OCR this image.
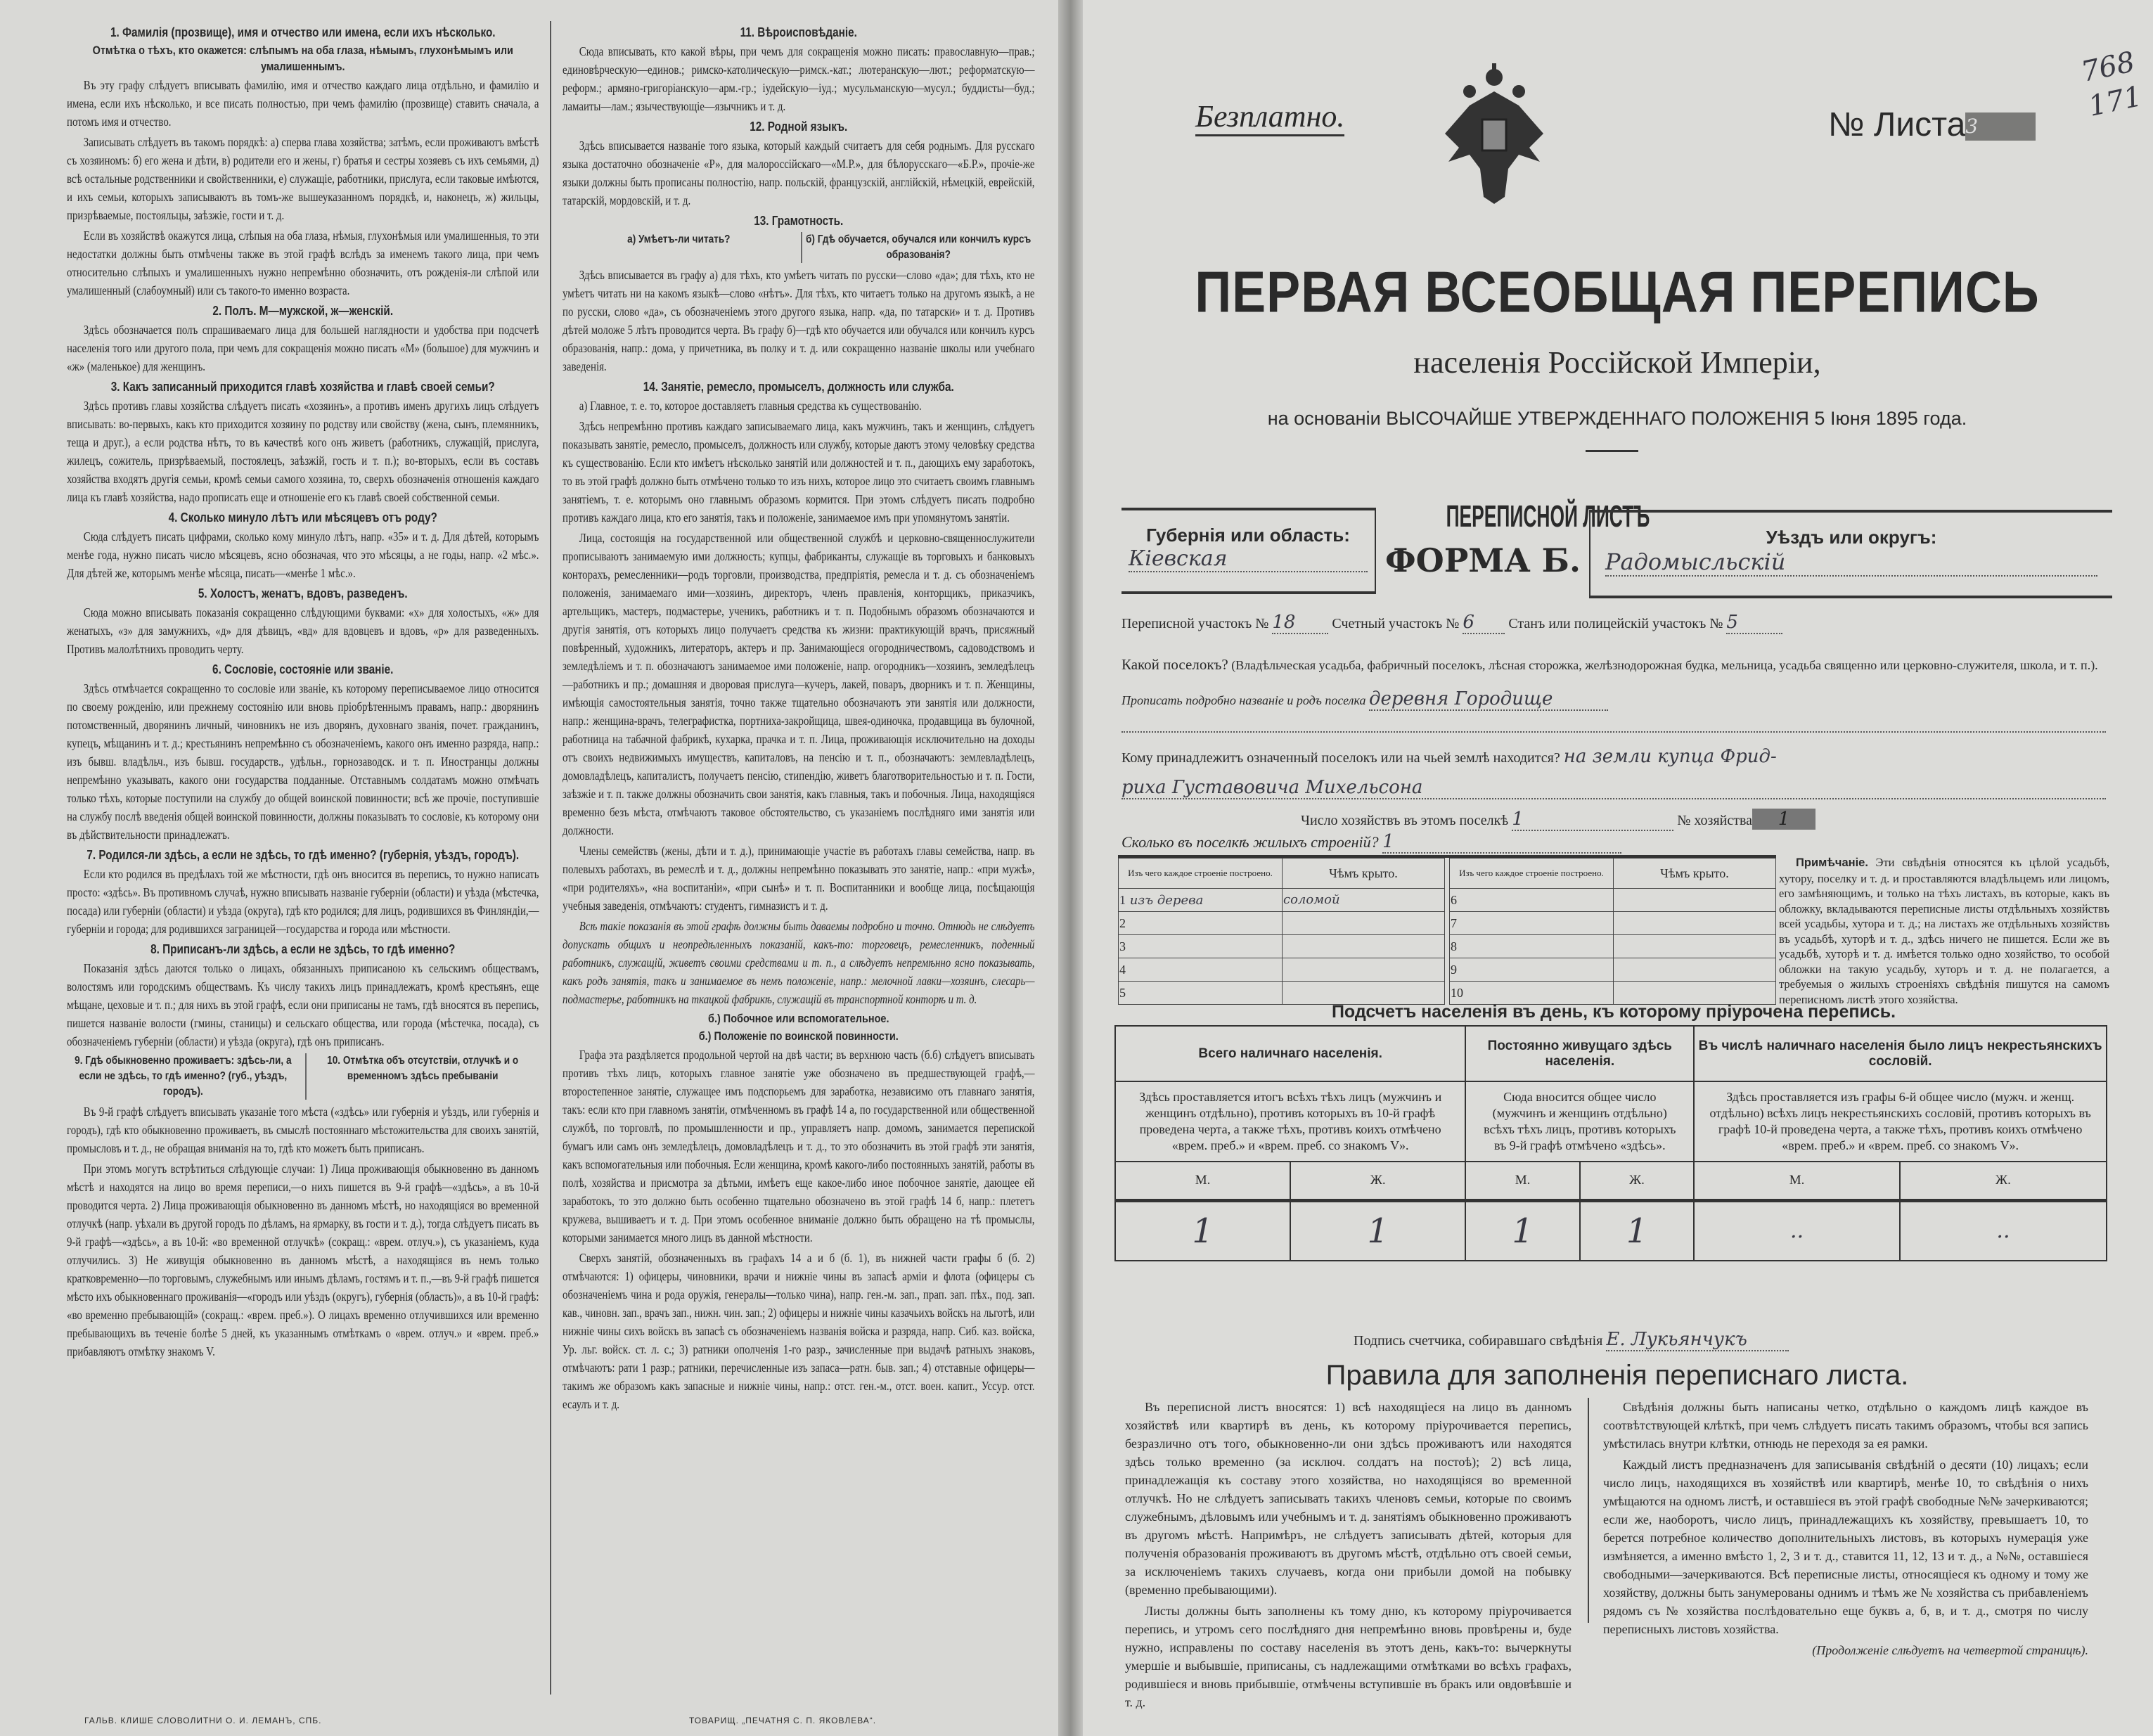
1. Фамилія (прозвище), имя и отчество или имена, если ихъ нѣсколько.
Отмѣтка о тѣхъ, кто окажется: слѣпымъ на оба глаза, нѣмымъ, глухонѣмымъ или умалишеннымъ.

Въ эту графу слѣдуетъ вписывать фамилію, имя и отчество каждаго лица отдѣльно, и фамилію и имена, если ихъ нѣсколько, и все писать полностью, при чемъ фамилію (прозвище) ставить сначала, а потомъ имя и отчество.

Записывать слѣдуетъ въ такомъ порядкѣ: а) сперва глава хозяйства; затѣмъ, если проживаютъ вмѣстѣ съ хозяиномъ: б) его жена и дѣти, в) родители его и жены, г) братья и сестры хозяевъ съ ихъ семьями, д) всѣ остальные родственники и свойственники, е) служащіе, работники, прислуга, если таковые имѣются, и ихъ семьи, которыхъ записываютъ въ томъ-же вышеуказанномъ порядкѣ, и, наконецъ, ж) жильцы, призрѣваемые, постояльцы, заѣзжіе, гости и т. д.

Если въ хозяйствѣ окажутся лица, слѣпыя на оба глаза, нѣмыя, глухонѣмыя или умалишенныя, то эти недостатки должны быть отмѣчены также въ этой графѣ вслѣдъ за именемъ такого лица, при чемъ относительно слѣпыхъ и умалишенныхъ нужно непремѣнно обозначить, отъ рожденія-ли слѣпой или умалишенный (слабоумный) или съ такого-то именно возраста.

2. Полъ. М—мужской, ж—женскій.

Здѣсь обозначается полъ спрашиваемаго лица для большей наглядности и удобства при подсчетѣ населенія того или другого пола, при чемъ для сокращенія можно писать «М» (большое) для мужчинъ и «ж» (маленькое) для женщинъ.

3. Какъ записанный приходится главѣ хозяйства и главѣ своей семьи?

Здѣсь противъ главы хозяйства слѣдуетъ писать «хозяинъ», а противъ именъ другихъ лицъ слѣдуетъ вписывать: во-первыхъ, какъ кто приходится хозяину по родству или свойству (жена, сынъ, племянникъ, теща и друг.), а если родства нѣтъ, то въ качествѣ кого онъ живетъ (работникъ, служащій, прислуга, жилецъ, сожитель, призрѣваемый, постоялецъ, заѣзжій, гость и т. п.); во-вторыхъ, если въ составъ хозяйства входятъ другія семьи, кромѣ семьи самого хозяина, то, сверхъ обозначенія отношенія каждаго лица къ главѣ хозяйства, надо прописать еще и отношеніе его къ главѣ своей собственной семьи.

4. Сколько минуло лѣтъ или мѣсяцевъ отъ роду?

Сюда слѣдуетъ писать цифрами, сколько кому минуло лѣтъ, напр. «35» и т. д. Для дѣтей, которымъ менѣе года, нужно писать число мѣсяцевъ, ясно обозначая, что это мѣсяцы, а не годы, напр. «2 мѣс.». Для дѣтей же, которымъ менѣе мѣсяца, писать—«менѣе 1 мѣс.».

5. Холостъ, женатъ, вдовъ, разведенъ.

Сюда можно вписывать показанія сокращенно слѣдующими буквами: «х» для холостыхъ, «ж» для женатыхъ, «з» для замужнихъ, «д» для дѣвицъ, «вд» для вдовцевъ и вдовъ, «р» для разведенныхъ. Противъ малолѣтнихъ проводить черту.

6. Сословіе, состояніе или званіе.

Здѣсь отмѣчается сокращенно то сословіе или званіе, къ которому переписываемое лицо относится по своему рожденію, или прежнему состоянію или вновь пріобрѣтеннымъ правамъ, напр.: дворянинъ потомственный, дворянинъ личный, чиновникъ не изъ дворянъ, духовнаго званія, почет. гражданинъ, купецъ, мѣщанинъ и т. д.; крестьянинъ непремѣнно съ обозначеніемъ, какого онъ именно разряда, напр.: изъ бывш. владѣльч., изъ бывш. государств., удѣльн., горнозаводск. и т. п. Иностранцы должны непремѣнно указывать, какого они государства подданные. Отставнымъ солдатамъ можно отмѣчать только тѣхъ, которые поступили на службу до общей воинской повинности; всѣ же прочіе, поступившіе на службу послѣ введенія общей воинской повинности, должны показывать то сословіе, къ которому они въ дѣйствительности принадлежатъ.

7. Родился-ли здѣсь, а если не здѣсь, то гдѣ именно? (губернія, уѣздъ, городъ).

Если кто родился въ предѣлахъ той же мѣстности, гдѣ онъ вносится въ перепись, то нужно написать просто: «здѣсь». Въ противномъ случаѣ, нужно вписывать названіе губерніи (области) и уѣзда (мѣстечка, посада) или губерніи (области) и уѣзда (округа), гдѣ кто родился; для лицъ, родившихся въ Финляндіи,—губерніи и города; для родившихся заграницей—государства и города или мѣстности.

8. Приписанъ-ли здѣсь, а если не здѣсь, то гдѣ именно?

Показанія здѣсь даются только о лицахъ, обязанныхъ приписаною къ сельскимъ обществамъ, волостямъ или городскимъ обществамъ. Къ числу такихъ лицъ принадлежатъ, кромѣ крестьянъ, еще мѣщане, цеховые и т. п.; для нихъ въ этой графѣ, если они приписаны не тамъ, гдѣ вносятся въ перепись, пишется названіе волости (гмины, станицы) и сельскаго общества, или города (мѣстечка, посада), съ обозначеніемъ губерніи (области) и уѣзда (округа), гдѣ онъ приписанъ.

9. Гдѣ обыкновенно проживаетъ: здѣсь-ли, а если не здѣсь, то гдѣ именно? (губ., уѣздъ, городъ).
10. Отмѣтка объ отсутствіи, отлучкѣ и о временномъ здѣсь пребываніи

Въ 9-й графѣ слѣдуетъ вписывать указаніе того мѣста («здѣсь» или губернія и уѣздъ, или губернія и городъ), гдѣ кто обыкновенно проживаетъ, въ смыслѣ постояннаго мѣстожительства для своихъ занятій, промысловъ и т. д., не обращая вниманія на то, гдѣ кто можетъ быть приписанъ.

При этомъ могутъ встрѣтиться слѣдующіе случаи: 1) Лица проживающія обыкновенно въ данномъ мѣстѣ и находятся на лицо во время переписи,—о нихъ пишется въ 9-й графѣ—«здѣсь», а въ 10-й проводится черта. 2) Лица проживающія обыкновенно въ данномъ мѣстѣ, но находящіяся во временной отлучкѣ (напр. уѣхали въ другой городъ по дѣламъ, на ярмарку, въ гости и т. д.), тогда слѣдуетъ писать въ 9-й графѣ—«здѣсь», а въ 10-й: «во временной отлучкѣ» (сокращ.: «врем. отлуч.»), съ указаніемъ, куда отлучились. 3) Не живущія обыкновенно въ данномъ мѣстѣ, а находящіяся въ немъ только кратковременно—по торговымъ, служебнымъ или инымъ дѣламъ, гостямъ и т. п.,—въ 9-й графѣ пишется мѣсто ихъ обыкновеннаго проживанія—«городъ или уѣздъ (округъ), губернія (область)», а въ 10-й графѣ: «во временно пребывающій» (сокращ.: «врем. преб.»). О лицахъ временно отлучившихся или временно пребывающихъ въ теченіе болѣе 5 дней, къ указаннымъ отмѣткамъ о «врем. отлуч.» и «врем. преб.» прибавляютъ отмѣтку знакомъ V.

11. Вѣроисповѣданіе.

Сюда вписывать, кто какой вѣры, при чемъ для сокращенія можно писать: православную—прав.; единовѣрческую—единов.; римско-католическую—римск.-кат.; лютеранскую—лют.; реформатскую—реформ.; армяно-григоріанскую—арм.-гр.; іудейскую—іуд.; мусульманскую—мусул.; буддисты—буд.; ламаиты—лам.; язычествующіе—язычникъ и т. д.

12. Родной языкъ.

Здѣсь вписывается названіе того языка, который каждый считаетъ для себя роднымъ. Для русскаго языка достаточно обозначеніе «Р», для малороссійскаго—«М.Р.», для бѣлорусскаго—«Б.Р.», прочіе-же языки должны быть прописаны полностію, напр. польскій, французскій, англійскій, нѣмецкій, еврейскій, татарскій, мордовскій, и т. д.

13. Грамотность.
а) Умѣетъ-ли читать?	б) Гдѣ обучается, обучался или кончилъ курсъ образованія?

Здѣсь вписывается въ графу а) для тѣхъ, кто умѣетъ читать по русски—слово «да»; для тѣхъ, кто не умѣетъ читать ни на какомъ языкѣ—слово «нѣтъ». Для тѣхъ, кто читаетъ только на другомъ языкѣ, а не по русски, слово «да», съ обозначеніемъ этого другого языка, напр. «да, по татарски» и т. д. Противъ дѣтей моложе 5 лѣтъ проводится черта. Въ графу б)—гдѣ кто обучается или обучался или кончилъ курсъ образованія, напр.: дома, у причетника, въ полку и т. д. или сокращенно названіе школы или учебнаго заведенія.

14. Занятіе, ремесло, промыселъ, должность или служба.

а) Главное, т. е. то, которое доставляетъ главныя средства къ существованію.

Здѣсь непремѣнно противъ каждаго записываемаго лица, какъ мужчинъ, такъ и женщинъ, слѣдуетъ показывать занятіе, ремесло, промыселъ, должность или службу, которые даютъ этому человѣку средства къ существованію. Если кто имѣетъ нѣсколько занятій или должностей и т. п., дающихъ ему заработокъ, то въ этой графѣ должно быть отмѣчено только то изъ нихъ, которое лицо это считаетъ своимъ главнымъ занятіемъ, т. е. которымъ оно главнымъ образомъ кормится. При этомъ слѣдуетъ писать подробно противъ каждаго лица, кто его занятія, такъ и положеніе, занимаемое имъ при упомянутомъ занятіи.

Лица, состоящія на государственной или общественной службѣ и церковно-священнослужители прописываютъ занимаемую ими должность; купцы, фабриканты, служащіе въ торговыхъ и банковыхъ конторахъ, ремесленники—родъ торговли, производства, предпріятія, ремесла и т. д. съ обозначеніемъ положенія, занимаемаго ими—хозяинъ, директоръ, членъ правленія, конторщикъ, приказчикъ, артельщикъ, мастеръ, подмастерье, ученикъ, работникъ и т. п. Подобнымъ образомъ обозначаются и другія занятія, отъ которыхъ лицо получаетъ средства къ жизни: практикующій врачъ, присяжный повѣренный, художникъ, литераторъ, актеръ и пр. Занимающіеся огородничествомъ, садоводствомъ и земледѣліемъ и т. п. обозначаютъ занимаемое ими положеніе, напр. огородникъ—хозяинъ, земледѣлецъ—работникъ и пр.; домашняя и дворовая прислуга—кучеръ, лакей, поваръ, дворникъ и т. п. Женщины, имѣющія самостоятельныя занятія, точно также тщательно обозначаютъ эти занятія или должности, напр.: женщина-врачъ, телеграфистка, портниха-закройщица, швея-одиночка, продавщица въ булочной, работница на табачной фабрикѣ, кухарка, прачка и т. п. Лица, проживающія исключительно на доходы отъ своихъ недвижимыхъ имуществъ, капиталовъ, на пенсію и т. п., обозначаютъ: землевладѣлецъ, домовладѣлецъ, капиталистъ, получаетъ пенсію, стипендію, живетъ благотворительностью и т. п. Гости, заѣзжіе и т. п. также должны обозначить свои занятія, какъ главныя, такъ и побочныя. Лица, находящіяся временно безъ мѣста, отмѣчаютъ таковое обстоятельство, съ указаніемъ послѣдняго ими занятія или должности.

Члены семействъ (жены, дѣти и т. д.), принимающіе участіе въ работахъ главы семейства, напр. въ полевыхъ работахъ, въ ремеслѣ и т. д., должны непремѣнно показывать это занятіе, напр.: «при мужѣ», «при родителяхъ», «на воспитаніи», «при сынѣ» и т. п. Воспитанники и вообще лица, посѣщающія учебныя заведенія, отмѣчаютъ: студентъ, гимназистъ и т. д.

Всѣ такіе показанія въ этой графѣ должны быть даваемы подробно и точно. Отнюдь не слѣдуетъ допускать общихъ и неопредѣленныхъ показаній, какъ-то: торговецъ, ремесленникъ, поденный работникъ, служащій, живетъ своими средствами и т. п., а слѣдуетъ непремѣнно ясно показывать, какъ родъ занятія, такъ и занимаемое въ немъ положеніе, напр.: мелочной лавки—хозяинъ, слесарь—подмастерье, работникъ на ткацкой фабрикѣ, служащій въ транспортной конторѣ и т. д.

б.) Побочное или вспомогательное.
б.) Положеніе по воинской повинности.

Графа эта раздѣляется продольной чертой на двѣ части; въ верхнюю часть (б.б) слѣдуетъ вписывать противъ тѣхъ лицъ, которыхъ главное занятіе уже обозначено въ предшествующей графѣ,—второстепенное занятіе, служащее имъ подспорьемъ для заработка, независимо отъ главнаго занятія, такъ: если кто при главномъ занятіи, отмѣченномъ въ графѣ 14 а, по государственной или общественной службѣ, по торговлѣ, по промышленности и пр., управляетъ напр. домомъ, занимается перепиской бумагъ или самъ онъ земледѣлецъ, домовладѣлецъ и т. д., то это обозначить въ этой графѣ эти занятія, какъ вспомогательныя или побочныя. Если женщина, кромѣ какого-либо постоянныхъ занятій, работы въ полѣ, хозяйства и присмотра за дѣтьми, имѣетъ еще какое-либо иное побочное занятіе, дающее ей заработокъ, то это должно быть особенно тщательно обозначено въ этой графѣ 14 б, напр.: плететъ кружева, вышиваетъ и т. д. При этомъ особенное вниманіе должно быть обращено на тѣ промыслы, которыми занимается много лицъ въ данной мѣстности.

Сверхъ занятій, обозначенныхъ въ графахъ 14 а и б (б. 1), въ нижней части графы б (б. 2) отмѣчаются: 1) офицеры, чиновники, врачи и нижніе чины въ запасѣ арміи и флота (офицеры съ обозначеніемъ чина и рода оружія, генералы—только чина), напр. ген.-м. зап., прап. зап. пѣх., под. зап. кав., чиновн. зап., врачъ зап., нижн. чин. зап.; 2) офицеры и нижніе чины казачьихъ войскъ на льготѣ, или нижніе чины сихъ войскъ въ запасѣ съ обозначеніемъ названія войска и разряда, напр. Сиб. каз. войска, Ур. льг. войск. ст. л. с.; 3) ратники ополченія 1-го разр., зачисленные при выдачѣ ратныхъ знаковъ, отмѣчаютъ: рати 1 разр.; ратники, перечисленные изъ запаса—ратн. быв. зап.; 4) отставные офицеры—такимъ же образомъ какъ запасные и нижніе чины, напр.: отст. ген.-м., отст. воен. капит., Уссур. отст. есаулъ и т. д.

ГАЛЬВ. КЛИШЕ СЛОВОЛИТНИ О. И. ЛЕМАНЪ, СПБ.	ТОВАРИЩ. „ПЕЧАТНЯ С. П. ЯКОВЛЕВА“.
Безплатно.	№ Листа3
768
171
ПЕРВАЯ ВСЕОБЩАЯ ПЕРЕПИСЬ
населенія Россійской Имперіи,
на основаніи ВЫСОЧАЙШЕ УТВЕРЖДЕННАГО ПОЛОЖЕНІЯ 5 Іюня 1895 года.
Губернія или область:
Кіевская
ПЕРЕПИСНОЙ ЛИСТЪ
ФОРМА Б.
Уѣздъ или округъ:
Радомысльскій
Переписной участокъ № 18	Счетный участокъ № 6 Станъ или полицейскій участокъ № 5
Какой поселокъ? (Владѣльческая усадьба, фабричный поселокъ, лѣсная сторожка, желѣзнодорожная будка, мельница, усадьба священно или церковно-служителя, школа, и т. п.). Прописать подробно названіе и родъ поселка деревня Городище
Кому принадлежитъ означенный поселокъ или на чьей землѣ находится? на земли купца Фрид-
риха Густавовича Михельсона
Число хозяйствъ въ этомъ поселкѣ 1	№ хозяйства 1
Сколько въ поселкѣ жилыхъ строеній? 1
Изъ чего каждое строеніе построено.	Чѣмъ крыто.
1 изъ дерева	соломой
2	
3	
4	
5	
Изъ чего каждое строеніе построено.	Чѣмъ крыто.
6	
7	
8	
9	
10	
Примѣчаніе. Эти свѣдѣнія относятся къ цѣлой усадьбѣ, хутору, поселку и т. д. и проставляются владѣльцемъ или лицомъ, его замѣняющимъ, и только на тѣхъ листахъ, въ которые, какъ въ обложку, вкладываются переписные листы отдѣльныхъ хозяйствъ всей усадьбы, хутора и т. д.; на листахъ же отдѣльныхъ хозяйствъ въ усадьбѣ, хуторѣ и т. д., здѣсь ничего не пишется. Если же въ усадьбѣ, хуторѣ и т. д. имѣется только одно хозяйство, то особой обложки на такую усадьбу, хуторъ и т. д. не полагается, а требуемыя о жилыхъ строеніяхъ свѣдѣнія пишутся на самомъ переписномъ листѣ этого хозяйства.
Подсчетъ населенія въ день, къ которому пріурочена перепись.
Всего наличнаго населенія.		Постоянно живущаго здѣсь населенія.		Въ числѣ наличнаго населенія было лицъ некрестьянскихъ сословій.	
Здѣсь проставляется итогъ всѣхъ тѣхъ лицъ (мужчинъ и женщинъ отдѣльно), противъ которыхъ въ 10-й графѣ проведена черта, а также тѣхъ, противъ коихъ отмѣчено «врем. преб.» и «врем. преб. со знакомъ V».		Сюда вносится общее число (мужчинъ и женщинъ отдѣльно) всѣхъ тѣхъ лицъ, противъ которыхъ въ 9-й графѣ отмѣчено «здѣсь».		Здѣсь проставляется изъ графы 6-й общее число (мужч. и женщ. отдѣльно) всѣхъ лицъ некрестьянскихъ сословій, противъ которыхъ въ графѣ 10-й проведена черта, а также тѣхъ, противъ коихъ отмѣчено «врем. преб.» и «врем. преб. со знакомъ V».	
М.	Ж.	М.	Ж.	М.	Ж.
1	1	1	1	..	..
Подпись счетчика, собиравшаго свѣдѣнія Е. Лукьянчукъ
Правила для заполненія переписнаго листа.

Въ переписной листъ вносятся: 1) всѣ находящіеся на лицо въ данномъ хозяйствѣ или квартирѣ въ день, къ которому пріурочивается перепись, безразлично отъ того, обыкновенно-ли они здѣсь проживаютъ или находятся здѣсь только временно (за исключ. солдатъ на постоѣ); 2) всѣ лица, принадлежащія къ составу этого хозяйства, но находящіяся во временной отлучкѣ. Но не слѣдуетъ записывать такихъ членовъ семьи, которые по своимъ служебнымъ, дѣловымъ или учебнымъ и т. д. занятіямъ обыкновенно проживаютъ въ другомъ мѣстѣ. Напримѣръ, не слѣдуетъ записывать дѣтей, которыя для полученія образованія проживаютъ въ другомъ мѣстѣ, отдѣльно отъ своей семьи, за исключеніемъ такихъ случаевъ, когда они прибыли домой на побывку (временно пребывающими).

Листы должны быть заполнены къ тому дню, къ которому пріурочивается перепись, и утромъ сего послѣдняго дня непремѣнно вновь провѣрены и, буде нужно, исправлены по составу населенія въ этотъ день, какъ-то: вычеркнуты умершіе и выбывшіе, приписаны, съ надлежащими отмѣтками во всѣхъ графахъ, родившіеся и вновь прибывшіе, отмѣчены вступившіе въ бракъ или овдовѣвшіе и т. д.

Свѣдѣнія должны быть написаны четко, отдѣльно о каждомъ лицѣ каждое въ соотвѣтствующей клѣткѣ, при чемъ слѣдуетъ писать такимъ образомъ, чтобы вся запись умѣстилась внутри клѣтки, отнюдь не переходя за ея рамки.

Каждый листъ предназначенъ для записыванія свѣдѣній о десяти (10) лицахъ; если число лицъ, находящихся въ хозяйствѣ или квартирѣ, менѣе 10, то свѣдѣнія о нихъ умѣщаются на одномъ листѣ, и оставшіеся въ этой графѣ свободные №№ зачеркиваются; если же, наоборотъ, число лицъ, принадлежащихъ къ хозяйству, превышаетъ 10, то берется потребное количество дополнительныхъ листовъ, въ которыхъ нумерація уже измѣняется, а именно вмѣсто 1, 2, 3 и т. д., ставится 11, 12, 13 и т. д., а №№, оставшіеся свободными—зачеркиваются. Всѣ переписные листы, относящіеся къ одному и тому же хозяйству, должны быть занумерованы однимъ и тѣмъ же № хозяйства съ прибавленіемъ рядомъ съ № хозяйства послѣдовательно еще буквъ а, б, в, и т. д., смотря по числу переписныхъ листовъ хозяйства.

(Продолженіе слѣдуетъ на четвертой страницѣ).
